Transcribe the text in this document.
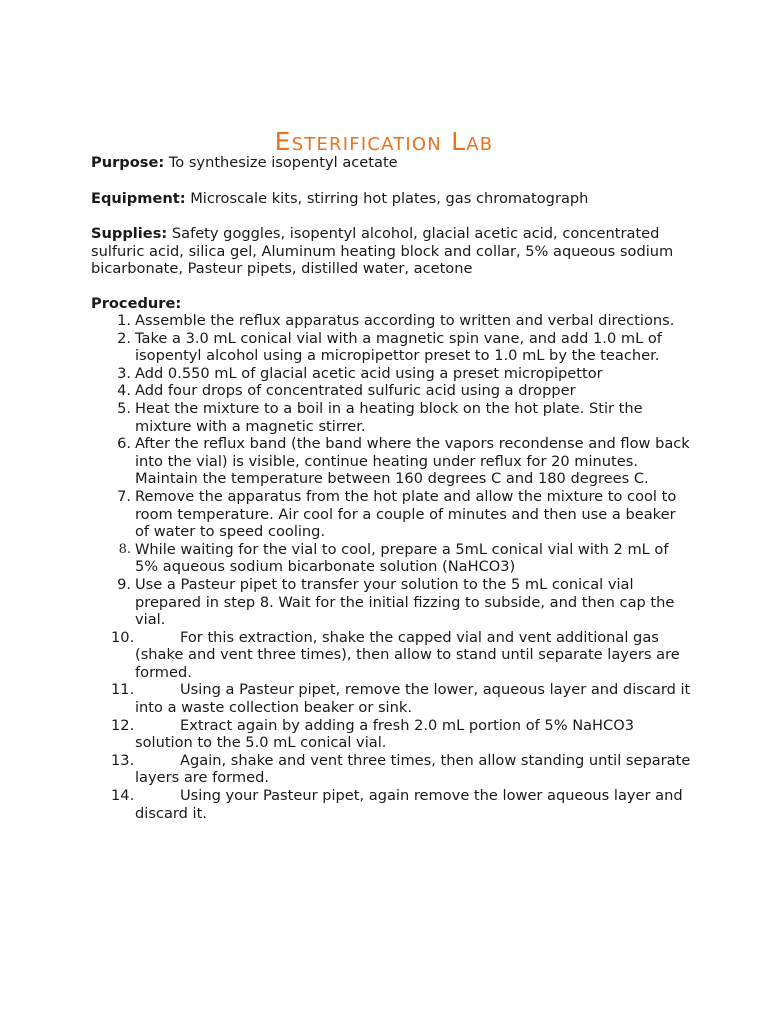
Esterification Lab

Purpose: To synthesize isopentyl acetate

Equipment: Microscale kits, stirring hot plates, gas chromatograph

Supplies: Safety goggles, isopentyl alcohol, glacial acetic acid, concentrated sulfuric acid, silica gel, Aluminum heating block and collar, 5% aqueous sodium bicarbonate, Pasteur pipets, distilled water, acetone

Procedure:

1. Assemble the reflux apparatus according to written and verbal directions.
2. Take a 3.0 mL conical vial with a magnetic spin vane, and add 1.0 mL of isopentyl alcohol using a micropipettor preset to 1.0 mL by the teacher.
3. Add 0.550 mL of glacial acetic acid using a preset micropipettor
4. Add four drops of concentrated sulfuric acid using a dropper
5. Heat the mixture to a boil in a heating block on the hot plate. Stir the mixture with a magnetic stirrer.
6. After the reflux band (the band where the vapors recondense and flow back into the vial) is visible, continue heating under reflux for 20 minutes. Maintain the temperature between 160 degrees C and 180 degrees C.
7. Remove the apparatus from the hot plate and allow the mixture to cool to room temperature. Air cool for a couple of minutes and then use a beaker of water to speed cooling.
8. While waiting for the vial to cool, prepare a 5mL conical vial with 2 mL of 5% aqueous sodium bicarbonate solution (NaHCO3)
9. Use a Pasteur pipet to transfer your solution to the 5 mL conical vial prepared in step 8. Wait for the initial fizzing to subside, and then cap the vial.
10.	For this extraction, shake the capped vial and vent additional gas (shake and vent three times), then allow to stand until separate layers are formed.
11.	Using a Pasteur pipet, remove the lower, aqueous layer and discard it into a waste collection beaker or sink.
12.	Extract again by adding a fresh 2.0 mL portion of 5% NaHCO3 solution to the 5.0 mL conical vial.
13.	Again, shake and vent three times, then allow standing until separate layers are formed.
14.	Using your Pasteur pipet, again remove the lower aqueous layer and discard it.
